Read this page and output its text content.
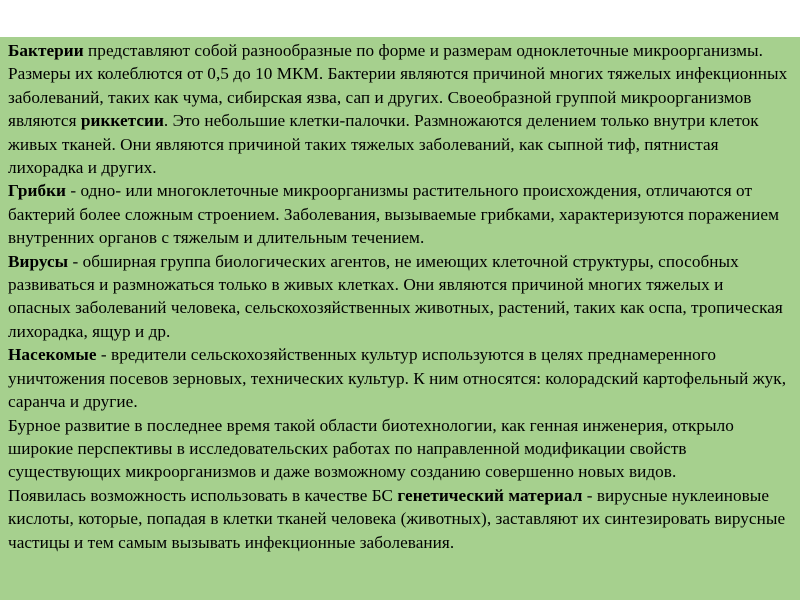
Бактерии представляют собой разнообразные по форме и размерам одноклеточные микроорганизмы. Размеры их колеблются от 0,5 до 10 МКМ. Бактерии являются причиной многих тяжелых инфекционных заболеваний, таких как чума, сибирская язва, сап и других. Своеобразной группой микроорганизмов являются риккетсии. Это небольшие клетки-палочки. Размножаются делением только внутри клеток живых тканей. Они являются причиной таких тяжелых заболеваний, как сыпной тиф, пятнистая лихорадка и других.

Грибки - одно- или многоклеточные микроорганизмы растительного происхождения, отличаются от бактерий более сложным строением. Заболевания, вызываемые грибками, характеризуются поражением внутренних органов с тяжелым и длительным течением.

Вирусы - обширная группа биологических агентов, не имеющих клеточной структуры, способных развиваться и размножаться только в живых клетках. Они являются причиной многих тяжелых и опасных заболеваний человека, сельскохозяйственных животных, растений, таких как оспа, тропическая лихорадка, ящур и др.

Насекомые - вредители сельскохозяйственных культур используются в целях преднамеренного уничтожения посевов зерновых, технических культур. К ним относятся: колорадский картофельный жук, саранча и другие.

Бурное развитие в последнее время такой области биотехнологии, как генная инженерия, открыло широкие перспективы в исследовательских работах по направленной модификации свойств существующих микроорганизмов и даже возможному созданию совершенно новых видов.

Появилась возможность использовать в качестве БС генетический материал - вирусные нуклеиновые кислоты, которые, попадая в клетки тканей человека (животных), заставляют их синтезировать вирусные частицы и тем самым вызывать инфекционные заболевания.
